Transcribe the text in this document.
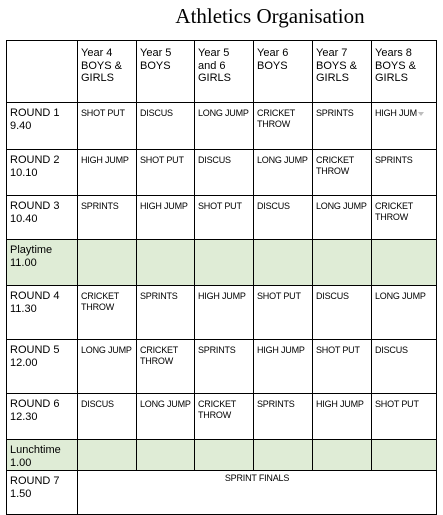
Athletics Organisation
	Year 4
BOYS &
GIRLS	Year 5
BOYS	Year 5
and 6
GIRLS	Year 6
BOYS	Year 7
BOYS &
GIRLS	Years 8
BOYS &
GIRLS
ROUND 1
9.40	SHOT PUT	DISCUS	LONG JUMP	CRICKET
THROW	SPRINTS	HIGH JUM
ROUND 2
10.10	HIGH JUMP	SHOT PUT	DISCUS	LONG JUMP	CRICKET
THROW	SPRINTS
ROUND 3
10.40	SPRINTS	HIGH JUMP	SHOT PUT	DISCUS	LONG JUMP	CRICKET
THROW
Playtime
11.00						
ROUND 4
11.30	CRICKET
THROW	SPRINTS	HIGH JUMP	SHOT PUT	DISCUS	LONG JUMP
ROUND 5
12.00	LONG JUMP	CRICKET
THROW	SPRINTS	HIGH JUMP	SHOT PUT	DISCUS
ROUND 6
12.30	DISCUS	LONG JUMP	CRICKET
THROW	SPRINTS	HIGH JUMP	SHOT PUT
Lunchtime
1.00						
ROUND 7
1.50	SPRINT FINALS					
